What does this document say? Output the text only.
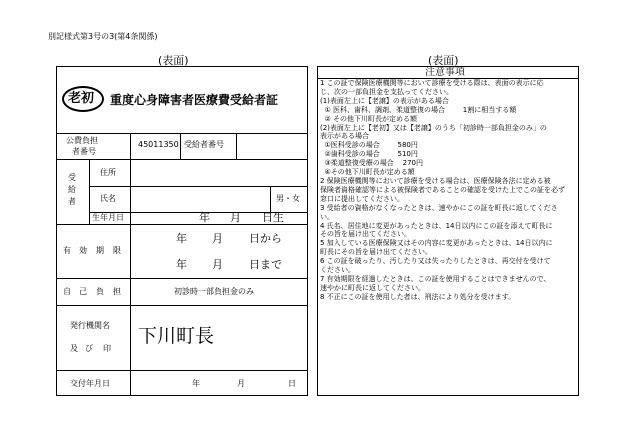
別記様式第3号の3(第4条関係)
(表面)
老初 重度心身障害者医療費受給者証
公費負担
者番号
45011350 受給者番号
受
給
者
住所
氏名	男・女
生年月日	年 月 日生
有 効 期 限
年 月 日から
年 月 日まで
自 己 負 担	初診時一部負担金のみ
発行機関名
及 び 印
下川町長
交付年月日	年	月	日
(表面)
注意事項
1 この証で保険医療機関等において診療を受ける際は、表面の表示に応
じ、次の一部負担金を支払ってください。
(1)表面左上に【老譲】の表示がある場合
① 医科、歯科、調剤、柔道整復の場合        1割に相当する額
② その他下川町長が定める額
(2)表面左上に【老初】又は【老譲】のうち「初診時一部負担金のみ」の
表示がある場合
①医科受診の場合        580円
②歯科受診の場合        510円
③柔道整復受療の場合    270円
④その他下川町長が定める額
2 保険医療機関等において診療を受ける場合は、医療保険各法に定める被
保険者資格確認等による被保険者であることの確認を受けた上でこの証を必ず
窓口に提出してください。
3 受給者の資格がなくなったときは、速やかにこの証を町長に返してくださ
い。
4 氏名、居住地に変更があったときは、14日以内にこの証を添えて町長に
その旨を届け出てください。
5 加入している医療保険又はその内容に変更があったときは、14日以内に
町長にその旨を届け出てください。
6 この証を破ったり、汚したり又は失ったりしたときは、再交付を受けて
ください。
7 有効期限を経過したときは、この証を使用することはできませんので、
速やかに町長に返してください。
8 不正にこの証を使用した者は、刑法により処分を受けます。
